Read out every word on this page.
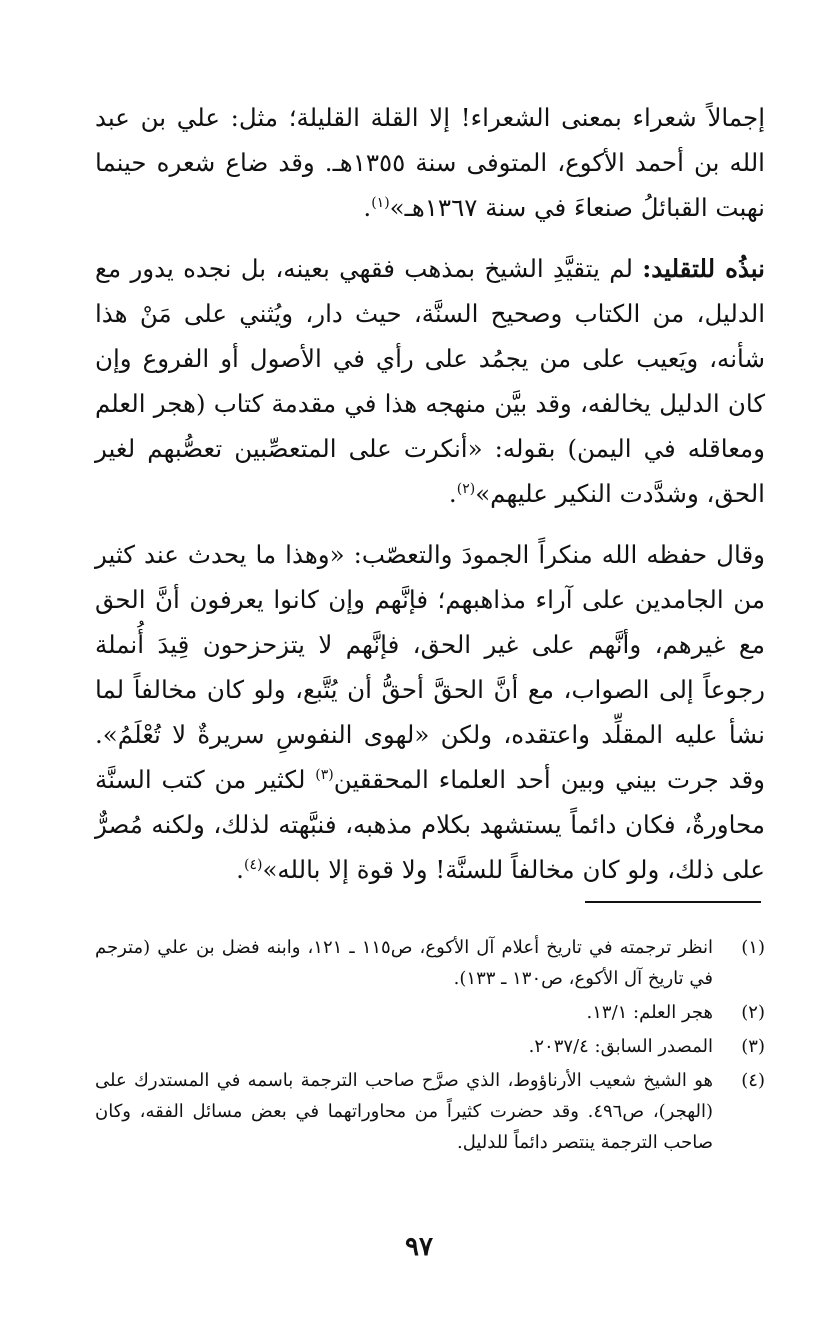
إجمالاً شعراء بمعنى الشعراء! إلا القلة القليلة؛ مثل: علي بن عبد الله بن أحمد الأكوع، المتوفى سنة ١٣٥٥هـ. وقد ضاع شعره حينما نهبت القبائلُ صنعاءَ في سنة ١٣٦٧هـ»$^{(١)}$.

نبذُه للتقليد: لم يتقيَّدِ الشيخ بمذهب فقهي بعينه، بل نجده يدور مع الدليل، من الكتاب وصحيح السنَّة، حيث دار، ويُثني على مَنْ هذا شأنه، ويَعيب على من يجمُد على رأي في الأصول أو الفروع وإن كان الدليل يخالفه، وقد بيَّن منهجه هذا في مقدمة كتاب (هجر العلم ومعاقله في اليمن) بقوله: «أنكرت على المتعصِّبين تعصُّبهم لغير الحق، وشدَّدت النكير عليهم»$^{(٢)}$.

وقال حفظه الله منكراً الجمودَ والتعصّب: «وهذا ما يحدث عند كثير من الجامدين على آراء مذاهبهم؛ فإنَّهم وإن كانوا يعرفون أنَّ الحق مع غيرهم، وأنَّهم على غير الحق، فإنَّهم لا يتزحزحون قِيدَ أُنملة رجوعاً إلى الصواب، مع أنَّ الحقَّ أحقُّ أن يُتَّبع، ولو كان مخالفاً لما نشأ عليه المقلِّد واعتقده، ولكن «لهوى النفوسِ سريرةٌ لا تُعْلَمُ». وقد جرت بيني وبين أحد العلماء المحققين$^{(٣)}$ لكثير من كتب السنَّة محاورةٌ، فكان دائماً يستشهد بكلام مذهبه، فنبَّهته لذلك، ولكنه مُصرٌّ على ذلك، ولو كان مخالفاً للسنَّة! ولا قوة إلا بالله»$^{(٤)}$.

(١)
انظر ترجمته في تاريخ أعلام آل الأكوع، ص١١٥ ـ ١٢١، وابنه فضل بن علي (مترجم في تاريخ آل الأكوع، ص١٣٠ ـ ١٣٣).
(٢)
هجر العلم: ١٣/١.
(٣)
المصدر السابق: ٢٠٣٧/٤.
(٤)
هو الشيخ شعيب الأرناؤوط، الذي صرَّح صاحب الترجمة باسمه في المستدرك على (الهجر)، ص٤٩٦. وقد حضرت كثيراً من محاوراتهما في بعض مسائل الفقه، وكان صاحب الترجمة ينتصر دائماً للدليل.
٩٧
